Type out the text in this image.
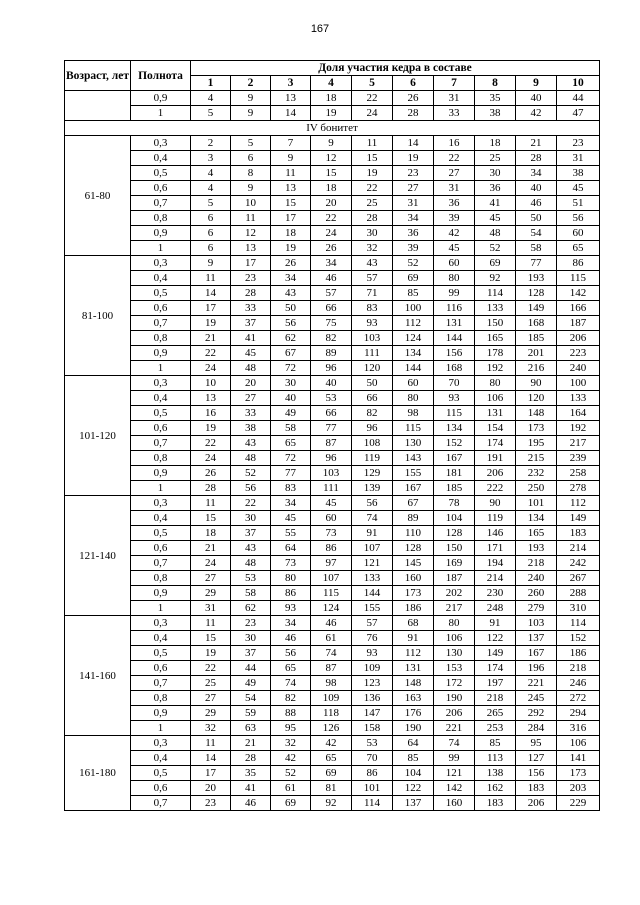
167
Возраст, лет	Полнота	Доля участия кедра в составе									
		1	2	3	4	5	6	7	8	9	10
	0,9	4	9	13	18	22	26	31	35	40	44
	1	5	9	14	19	24	28	33	38	42	47
IV бонитет											
61-80	0,3	2	5	7	9	11	14	16	18	21	23
	0,4	3	6	9	12	15	19	22	25	28	31
	0,5	4	8	11	15	19	23	27	30	34	38
	0,6	4	9	13	18	22	27	31	36	40	45
	0,7	5	10	15	20	25	31	36	41	46	51
	0,8	6	11	17	22	28	34	39	45	50	56
	0,9	6	12	18	24	30	36	42	48	54	60
	1	6	13	19	26	32	39	45	52	58	65
81-100	0,3	9	17	26	34	43	52	60	69	77	86
	0,4	11	23	34	46	57	69	80	92	193	115
	0,5	14	28	43	57	71	85	99	114	128	142
	0,6	17	33	50	66	83	100	116	133	149	166
	0,7	19	37	56	75	93	112	131	150	168	187
	0,8	21	41	62	82	103	124	144	165	185	206
	0,9	22	45	67	89	111	134	156	178	201	223
	1	24	48	72	96	120	144	168	192	216	240
101-120	0,3	10	20	30	40	50	60	70	80	90	100
	0,4	13	27	40	53	66	80	93	106	120	133
	0,5	16	33	49	66	82	98	115	131	148	164
	0,6	19	38	58	77	96	115	134	154	173	192
	0,7	22	43	65	87	108	130	152	174	195	217
	0,8	24	48	72	96	119	143	167	191	215	239
	0,9	26	52	77	103	129	155	181	206	232	258
	1	28	56	83	111	139	167	185	222	250	278
121-140	0,3	11	22	34	45	56	67	78	90	101	112
	0,4	15	30	45	60	74	89	104	119	134	149
	0,5	18	37	55	73	91	110	128	146	165	183
	0,6	21	43	64	86	107	128	150	171	193	214
	0,7	24	48	73	97	121	145	169	194	218	242
	0,8	27	53	80	107	133	160	187	214	240	267
	0,9	29	58	86	115	144	173	202	230	260	288
	1	31	62	93	124	155	186	217	248	279	310
141-160	0,3	11	23	34	46	57	68	80	91	103	114
	0,4	15	30	46	61	76	91	106	122	137	152
	0,5	19	37	56	74	93	112	130	149	167	186
	0,6	22	44	65	87	109	131	153	174	196	218
	0,7	25	49	74	98	123	148	172	197	221	246
	0,8	27	54	82	109	136	163	190	218	245	272
	0,9	29	59	88	118	147	176	206	265	292	294
	1	32	63	95	126	158	190	221	253	284	316
161-180	0,3	11	21	32	42	53	64	74	85	95	106
	0,4	14	28	42	65	70	85	99	113	127	141
	0,5	17	35	52	69	86	104	121	138	156	173
	0,6	20	41	61	81	101	122	142	162	183	203
	0,7	23	46	69	92	114	137	160	183	206	229
